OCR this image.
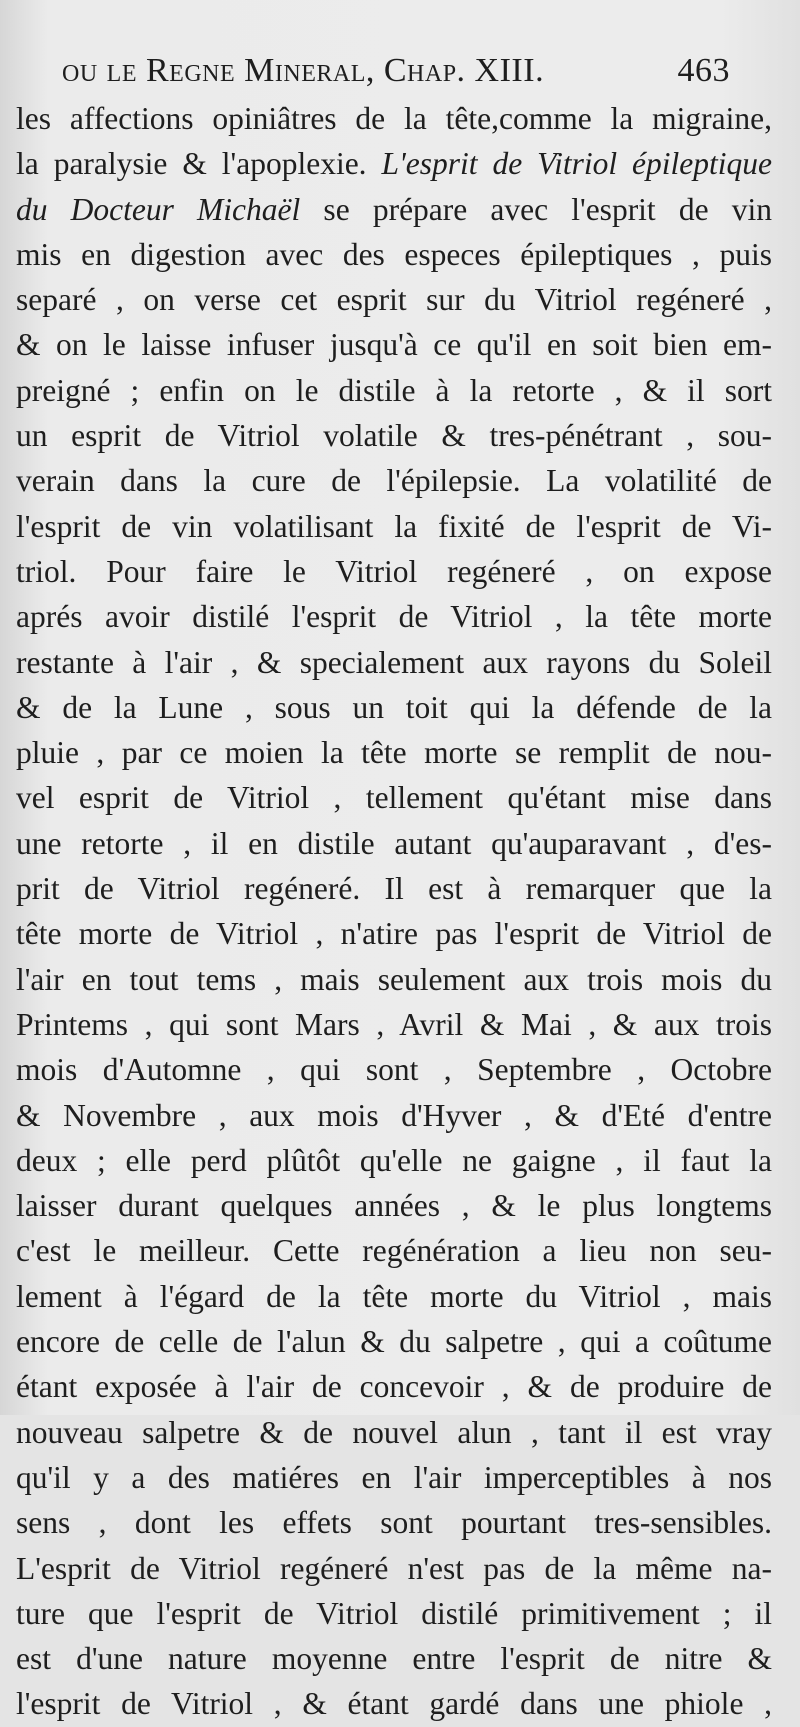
ou le Regne Mineral, Chap. XIII.	463
les affections opiniâtres de la tête,comme la migraine,
la paralysie & l'apoplexie. L'esprit de Vitriol épileptique
du Docteur Michaël se prépare avec l'esprit de vin
mis en digestion avec des especes épileptiques , puis
separé , on verse cet esprit sur du Vitriol regéneré ,
& on le laisse infuser jusqu'à ce qu'il en soit bien em-
preigné ; enfin on le distile à la retorte , & il sort
un esprit de Vitriol volatile & tres-pénétrant , sou-
verain dans la cure de l'épilepsie. La volatilité de
l'esprit de vin volatilisant la fixité de l'esprit de Vi-
triol. Pour faire le Vitriol regéneré , on expose
aprés avoir distilé l'esprit de Vitriol , la tête morte
restante à l'air , & specialement aux rayons du Soleil
& de la Lune , sous un toit qui la défende de la
pluie , par ce moien la tête morte se remplit de nou-
vel esprit de Vitriol , tellement qu'étant mise dans
une retorte , il en distile autant qu'auparavant , d'es-
prit de Vitriol regéneré. Il est à remarquer que la
tête morte de Vitriol , n'atire pas l'esprit de Vitriol de
l'air en tout tems , mais seulement aux trois mois du
Printems , qui sont Mars , Avril & Mai , & aux trois
mois d'Automne , qui sont , Septembre , Octobre
& Novembre , aux mois d'Hyver , & d'Eté d'entre
deux ; elle perd plûtôt qu'elle ne gaigne , il faut la
laisser durant quelques années , & le plus longtems
c'est le meilleur. Cette regénération a lieu non seu-
lement à l'égard de la tête morte du Vitriol , mais
encore de celle de l'alun & du salpetre , qui a coûtume
étant exposée à l'air de concevoir , & de produire de
nouveau salpetre & de nouvel alun , tant il est vray
qu'il y a des matiéres en l'air imperceptibles à nos
sens , dont les effets sont pourtant tres-sensibles.
L'esprit de Vitriol regéneré n'est pas de la même na-
ture que l'esprit de Vitriol distilé primitivement ; il
est d'une nature moyenne entre l'esprit de nitre &
l'esprit de Vitriol , & étant gardé dans une phiole ,
